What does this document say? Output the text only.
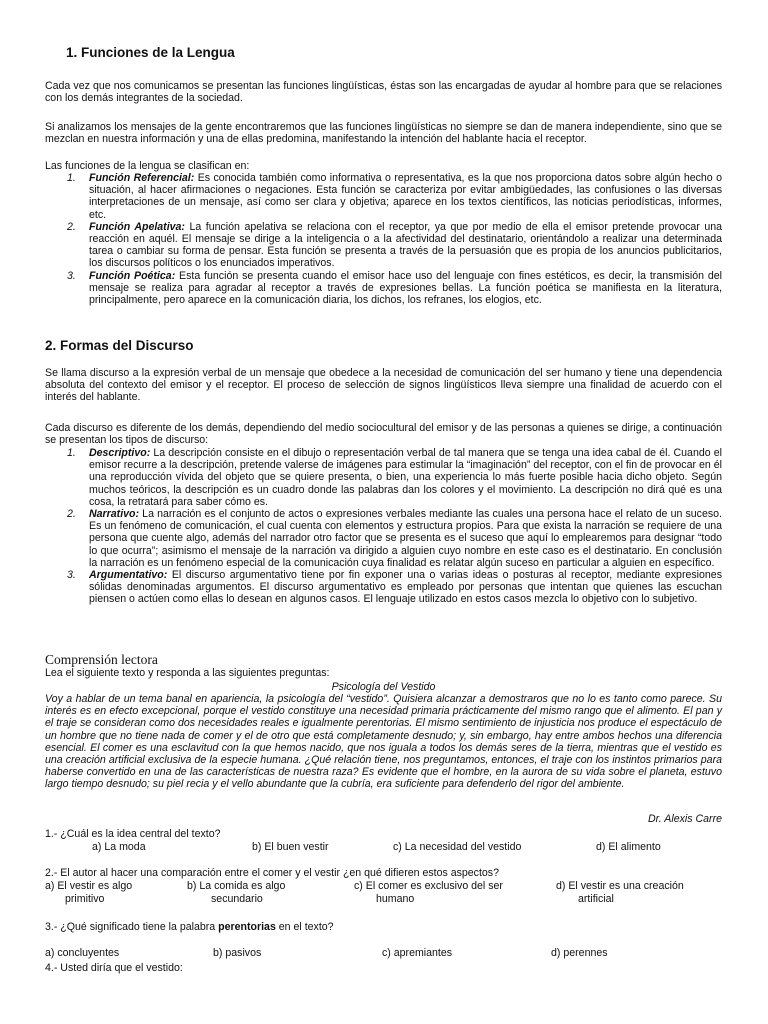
1. Funciones de la Lengua

Cada vez que nos comunicamos se presentan las funciones lingüísticas, éstas son las encargadas de ayudar al hombre para que se relaciones con los demás integrantes de la sociedad.

Si analizamos los mensajes de la gente encontraremos que las funciones lingüísticas no siempre se dan de manera independiente, sino que se mezclan en nuestra información y una de ellas predomina, manifestando la intención del hablante hacia el receptor.

Las funciones de la lengua se clasifican en:

1. Función Referencial: Es conocida también como informativa o representativa, es la que nos proporciona datos sobre algún hecho o situación, al hacer afirmaciones o negaciones. Esta función se caracteriza por evitar ambigüedades, las confusiones o las diversas interpretaciones de un mensaje, así como ser clara y objetiva; aparece en los textos científicos, las noticias periodísticas, informes, etc.
2. Función Apelativa: La función apelativa se relaciona con el receptor, ya que por medio de ella el emisor pretende provocar una reacción en aquél. El mensaje se dirige a la inteligencia o a la afectividad del destinatario, orientándolo a realizar una determinada tarea o cambiar su forma de pensar. Esta función se presenta a través de la persuasión que es propia de los anuncios publicitarios, los discursos políticos o los enunciados imperativos.
3. Función Poética: Esta función se presenta cuando el emisor hace uso del lenguaje con fines estéticos, es decir, la transmisión del mensaje se realiza para agradar al receptor a través de expresiones bellas. La función poética se manifiesta en la literatura, principalmente, pero aparece en la comunicación diaria, los dichos, los refranes, los elogios, etc.
2. Formas del Discurso

Se llama discurso a la expresión verbal de un mensaje que obedece a la necesidad de comunicación del ser humano y tiene una dependencia absoluta del contexto del emisor y el receptor. El proceso de selección de signos lingüísticos lleva siempre una finalidad de acuerdo con el interés del hablante.

Cada discurso es diferente de los demás, dependiendo del medio sociocultural del emisor y de las personas a quienes se dirige, a continuación se presentan los tipos de discurso:

1. Descriptivo: La descripción consiste en el dibujo o representación verbal de tal manera que se tenga una idea cabal de él. Cuando el emisor recurre a la descripción, pretende valerse de imágenes para estimular la “imaginación” del receptor, con el fin de provocar en él una reproducción vívida del objeto que se quiere presenta, o bien, una experiencia lo más fuerte posible hacia dicho objeto. Según muchos teóricos, la descripción es un cuadro donde las palabras dan los colores y el movimiento. La descripción no dirá qué es una cosa, la retratará para saber cómo es.
2. Narrativo: La narración es el conjunto de actos o expresiones verbales mediante las cuales una persona hace el relato de un suceso. Es un fenómeno de comunicación, el cual cuenta con elementos y estructura propios. Para que exista la narración se requiere de una persona que cuente algo, además del narrador otro factor que se presenta es el suceso que aquí lo emplearemos para designar “todo lo que ocurra”; asimismo el mensaje de la narración va dirigido a alguien cuyo nombre en este caso es el destinatario. En conclusión la narración es un fenómeno especial de la comunicación cuya finalidad es relatar algún suceso en particular a alguien en específico.
3. Argumentativo: El discurso argumentativo tiene por fin exponer una o varias ideas o posturas al receptor, mediante expresiones sólidas denominadas argumentos. El discurso argumentativo es empleado por personas que intentan que quienes las escuchan piensen o actúen como ellas lo desean en algunos casos. El lenguaje utilizado en estos casos mezcla lo objetivo con lo subjetivo.
Comprensión lectora

Lea el siguiente texto y responda a las siguientes preguntas:

Psicología del Vestido

Voy a hablar de un tema banal en apariencia, la psicología del “vestido”. Quisiera alcanzar a demostraros que no lo es tanto como parece. Su interés es en efecto excepcional, porque el vestido constituye una necesidad primaria prácticamente del mismo rango que el alimento. El pan y el traje se consideran como dos necesidades reales e igualmente perentorias. El mismo sentimiento de injusticia nos produce el espectáculo de un hombre que no tiene nada de comer y el de otro que está completamente desnudo; y, sin embargo, hay entre ambos hechos una diferencia esencial. El comer es una esclavitud con la que hemos nacido, que nos iguala a todos los demás seres de la tierra, mientras que el vestido es una creación artificial exclusiva de la especie humana. ¿Qué relación tiene, nos preguntamos, entonces, el traje con los instintos primarios para haberse convertido en una de las características de nuestra raza? Es evidente que el hombre, en la aurora de su vida sobre el planeta, estuvo largo tiempo desnudo; su piel recia y el vello abundante que la cubría, era suficiente para defenderlo del rigor del ambiente.

Dr. Alexis Carre

1.- ¿Cuál es la idea central del texto?

a) La moda	b) El buen vestir	c) La necesidad del vestido	d) El alimento

2.- El autor al hacer una comparación entre el comer y el vestir ¿en qué difieren estos aspectos?

a) El vestir es algo
primitivo
b) La comida es algo
secundario
c) El comer es exclusivo del ser
humano
d) El vestir es una creación
artificial

3.- ¿Qué significado tiene la palabra perentorias en el texto?

a) concluyentes	b) pasivos	c) apremiantes	d) perennes

4.- Usted diría que el vestido:
